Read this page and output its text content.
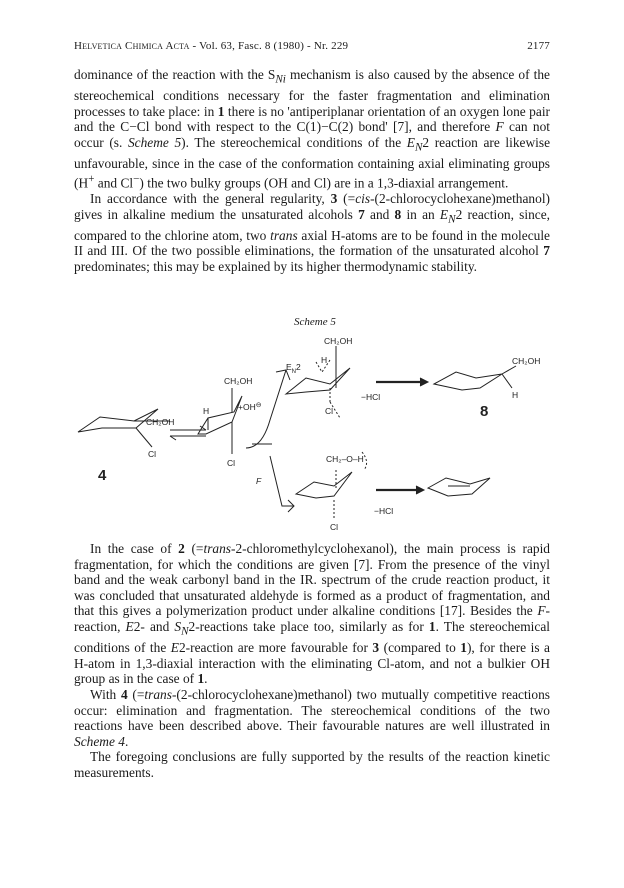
Helvetica Chimica Acta - Vol. 63, Fasc. 8 (1980) - Nr. 229	2177

dominance of the reaction with the $S_{Ni}$ mechanism is also caused by the absence of the stereochemical conditions necessary for the faster fragmentation and elimination processes to take place: in 1 there is no 'antiperiplanar orientation of an oxygen lone pair and the C−Cl bond with respect to the C(1)−C(2) bond' [7], and therefore F can not occur (s. Scheme 5). The stereochemical conditions of the $E_N2$ reaction are likewise unfavourable, since in the case of the conformation containing axial eliminating groups (H+ and Cl−) the two bulky groups (OH and Cl) are in a 1,3-diaxial arrangement.

In accordance with the general regularity, 3 (=cis-(2-chlorocyclohexane)methanol) gives in alkaline medium the unsaturated alcohols 7 and 8 in an $E_N2$ reaction, since, compared to the chlorine atom, two trans axial H-atoms are to be found in the molecule II and III. Of the two possible eliminations, the formation of the unsaturated alcohol 7 predominates; this may be explained by its higher thermodynamic stability.

Scheme 5
CH₂OH
H
$E_N2$
Cl
−HCl
CH₂OH
H
CH₂OH
+OH⊖
H
Cl
CH₂OH
Cl
F
CH₂–O–H
−HCl
Cl
8
4

In the case of 2 (=trans-2-chloromethylcyclohexanol), the main process is rapid fragmentation, for which the conditions are given [7]. From the presence of the vinyl band and the weak carbonyl band in the IR. spectrum of the crude reaction product, it was concluded that unsaturated aldehyde is formed as a product of fragmentation, and that this gives a polymerization product under alkaline conditions [17]. Besides the F-reaction, E2- and $S_N2$-reactions take place too, similarly as for 1. The stereochemical conditions of the E2-reaction are more favourable for 3 (compared to 1), for there is a H-atom in 1,3-diaxial interaction with the eliminating Cl-atom, and not a bulkier OH group as in the case of 1.

With 4 (=trans-(2-chlorocyclohexane)methanol) two mutually competitive reactions occur: elimination and fragmentation. The stereochemical conditions of the two reactions have been described above. Their favourable natures are well illustrated in Scheme 4.

The foregoing conclusions are fully supported by the results of the reaction kinetic measurements.
